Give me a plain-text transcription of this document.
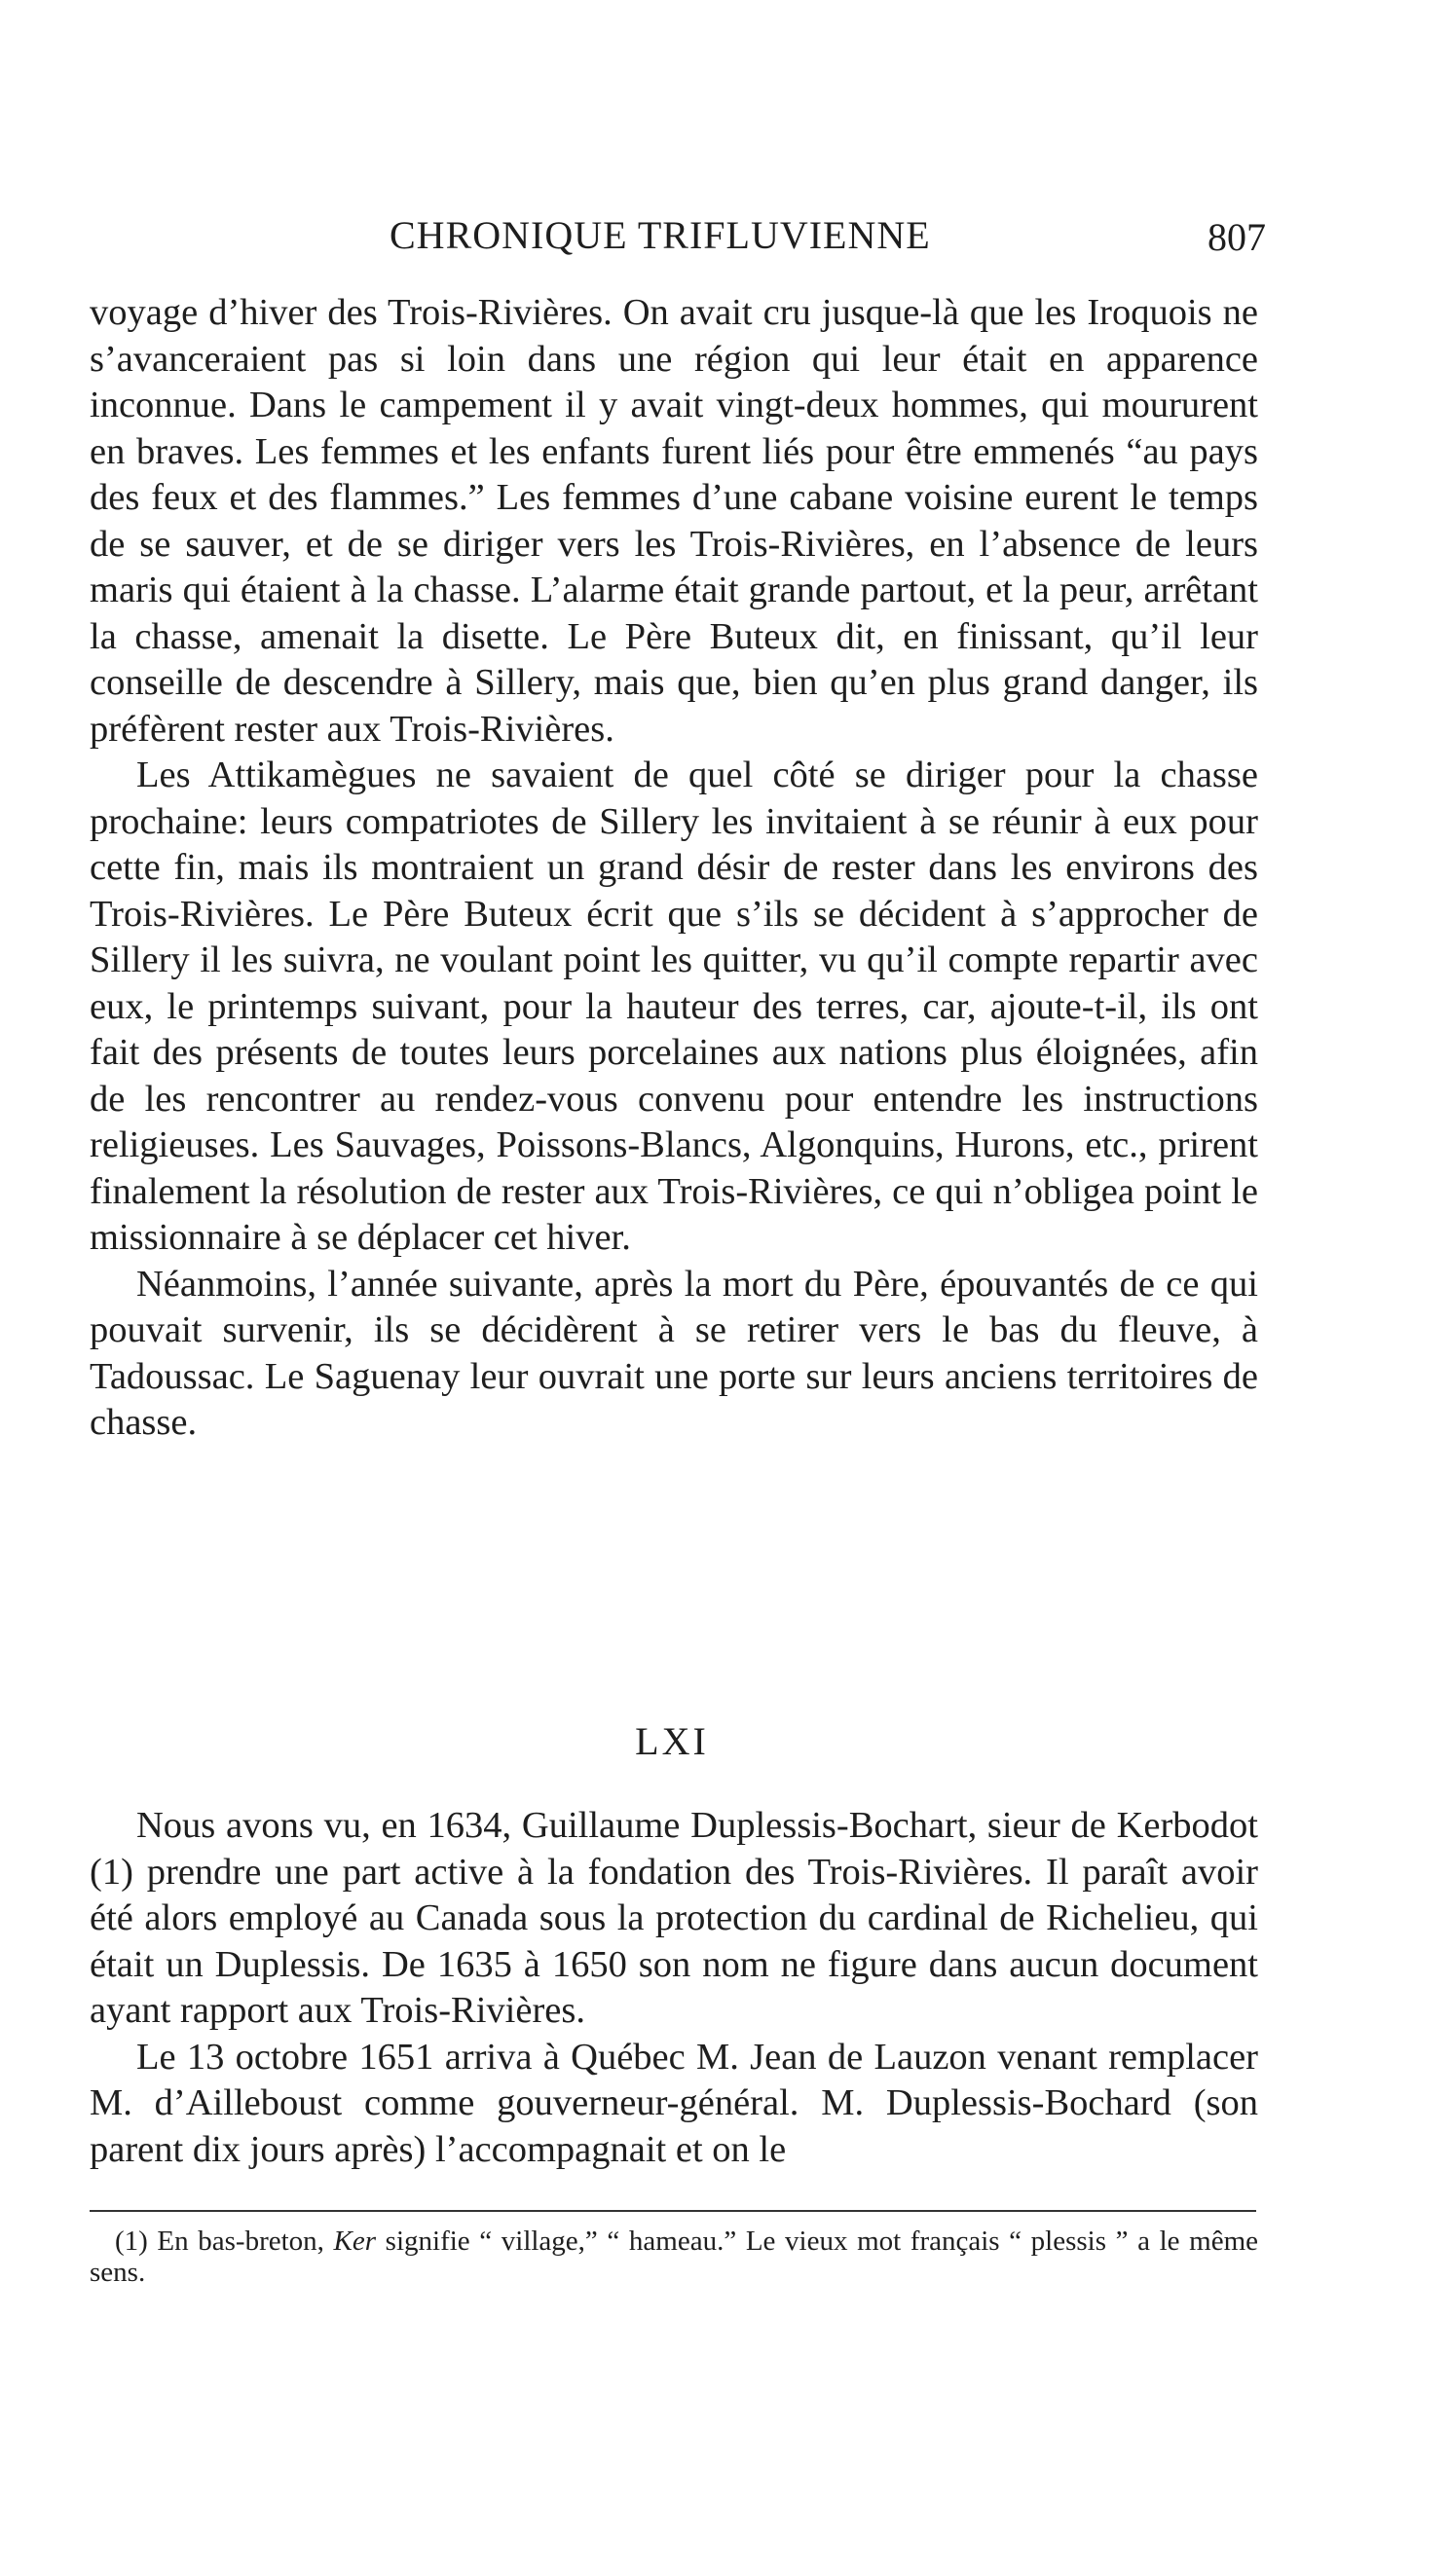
CHRONIQUE TRIFLUVIENNE	807

voyage d’hiver des Trois-Rivières. On avait cru jusque-là que les Iroquois ne s’avanceraient pas si loin dans une région qui leur était en apparence inconnue. Dans le campement il y avait vingt-deux hommes, qui moururent en braves. Les femmes et les enfants furent liés pour être emmenés “au pays des feux et des flammes.” Les femmes d’une cabane voisine eurent le temps de se sauver, et de se diriger vers les Trois-Rivières, en l’absence de leurs maris qui étaient à la chasse. L’alarme était grande partout, et la peur, arrêtant la chasse, amenait la disette. Le Père Buteux dit, en finissant, qu’il leur conseille de descendre à Sillery, mais que, bien qu’en plus grand danger, ils préfèrent rester aux Trois-Rivières.

Les Attikamègues ne savaient de quel côté se diriger pour la chasse prochaine: leurs compatriotes de Sillery les invitaient à se réunir à eux pour cette fin, mais ils montraient un grand désir de rester dans les environs des Trois-Rivières. Le Père Buteux écrit que s’ils se décident à s’approcher de Sillery il les suivra, ne voulant point les quitter, vu qu’il compte repartir avec eux, le printemps suivant, pour la hauteur des terres, car, ajoute-t-il, ils ont fait des présents de toutes leurs porcelaines aux nations plus éloignées, afin de les rencontrer au rendez-vous convenu pour entendre les instructions religieuses. Les Sauvages, Poissons-Blancs, Algonquins, Hurons, etc., prirent finalement la résolution de rester aux Trois-Rivières, ce qui n’obligea point le missionnaire à se déplacer cet hiver.

Néanmoins, l’année suivante, après la mort du Père, épouvantés de ce qui pouvait survenir, ils se décidèrent à se retirer vers le bas du fleuve, à Tadoussac. Le Saguenay leur ouvrait une porte sur leurs anciens territoires de chasse.

LXI

Nous avons vu, en 1634, Guillaume Duplessis-Bochart, sieur de Kerbodot (1) prendre une part active à la fondation des Trois-Rivières. Il paraît avoir été alors employé au Canada sous la protection du cardinal de Richelieu, qui était un Duplessis. De 1635 à 1650 son nom ne figure dans aucun document ayant rapport aux Trois-Rivières.

Le 13 octobre 1651 arriva à Québec M. Jean de Lauzon venant remplacer M. d’Ailleboust comme gouverneur-général. M. Duplessis-Bochard (son parent dix jours après) l’accompagnait et on le

(1) En bas-breton, Ker signifie “ village,” “ hameau.” Le vieux mot français “ plessis ” a le même sens.
